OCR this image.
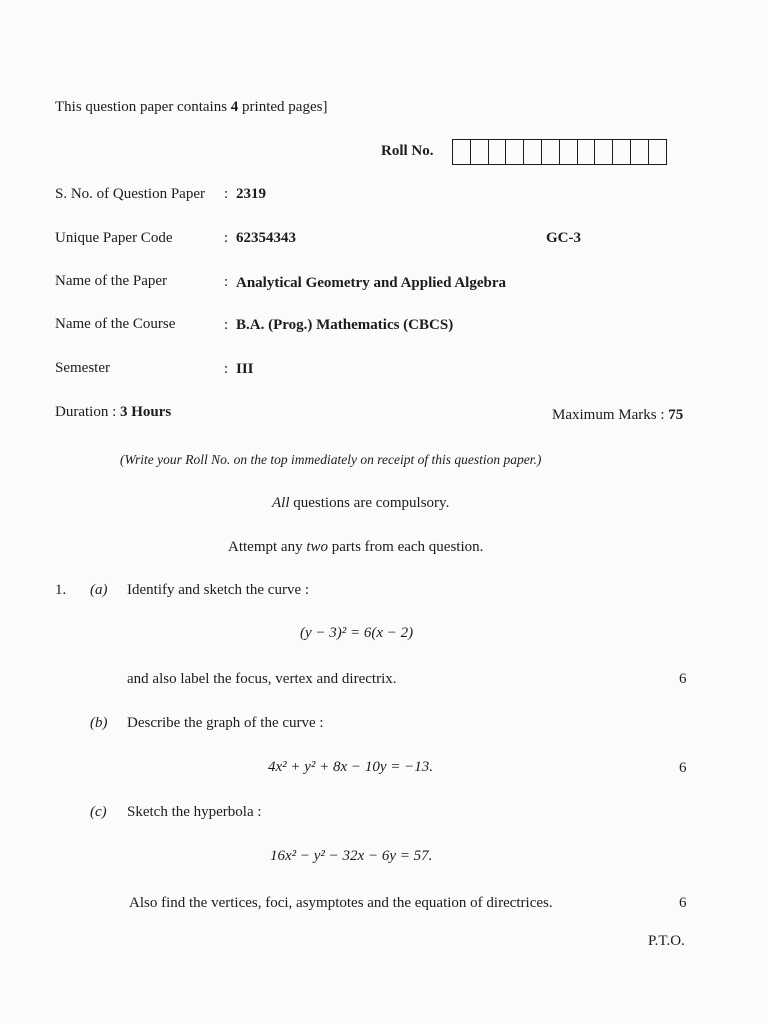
This question paper contains 4 printed pages]
Roll No.
S. No. of Question Paper : 2319
Unique Paper Code	: 62354343	GC-3
Name of the Paper	: Analytical Geometry and Applied Algebra
Name of the Course	: B.A. (Prog.) Mathematics (CBCS)
Semester	: III
Duration : 3 Hours	Maximum Marks : 75
(Write your Roll No. on the top immediately on receipt of this question paper.)
All questions are compulsory.
Attempt any two parts from each question.
1. (a) Identify and sketch the curve :
(y − 3)² = 6(x − 2)
and also label the focus, vertex and directrix.	6
(b) Describe the graph of the curve :
4x² + y² + 8x − 10y = −13.	6
(c) Sketch the hyperbola :
16x² − y² − 32x − 6y = 57.
Also find the vertices, foci, asymptotes and the equation of directrices.	6
P.T.O.
